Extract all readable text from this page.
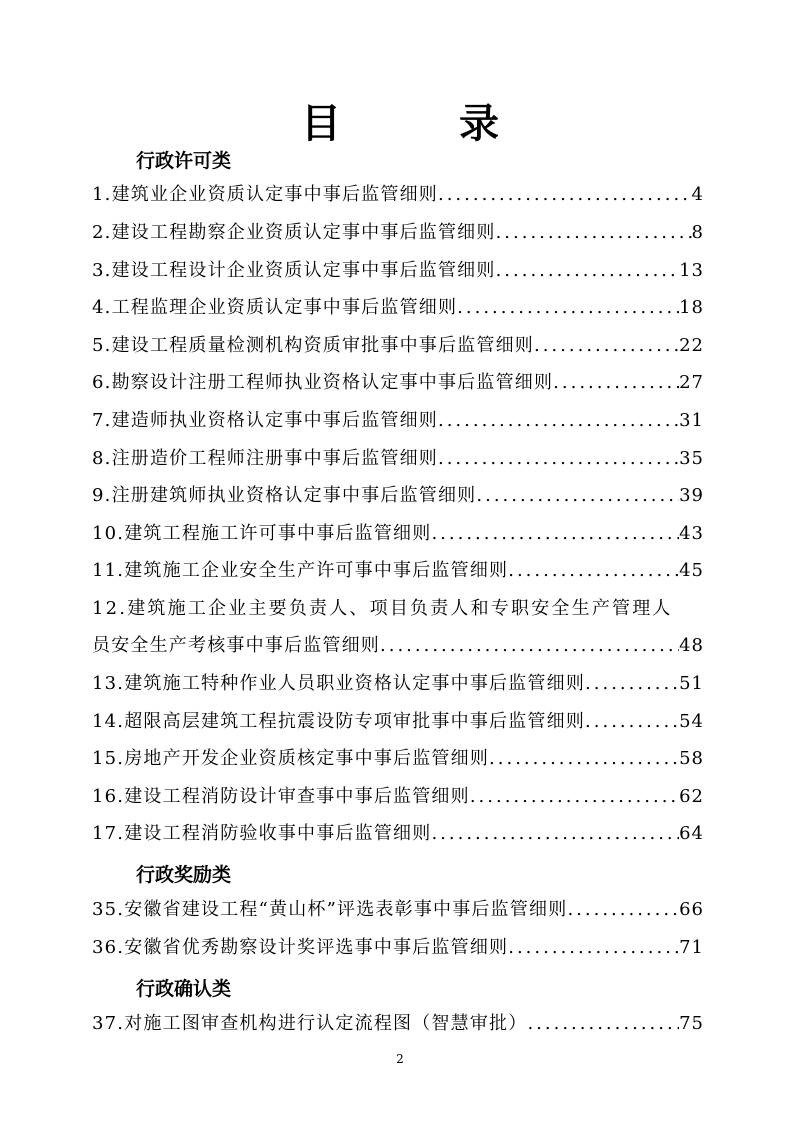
目 录
行政许可类
1.建筑业企业资质认定事中事后监管细则 .....	4
2.建设工程勘察企业资质认定事中事后监管细则 .....	8
3.建设工程设计企业资质认定事中事后监管细则 .....	13
4.工程监理企业资质认定事中事后监管细则 .....	18
5.建设工程质量检测机构资质审批事中事后监管细则 .....	22
6.勘察设计注册工程师执业资格认定事中事后监管细则 .....	27
7.建造师执业资格认定事中事后监管细则 .....	31
8.注册造价工程师注册事中事后监管细则 .....	35
9.注册建筑师执业资格认定事中事后监管细则 .....	39
10.建筑工程施工许可事中事后监管细则 .....	43
11.建筑施工企业安全生产许可事中事后监管细则 .....	45
12.建筑施工企业主要负责人、项目负责人和专职安全生产管理人
员安全生产考核事中事后监管细则 .....	48
13.建筑施工特种作业人员职业资格认定事中事后监管细则 .....	51
14.超限高层建筑工程抗震设防专项审批事中事后监管细则 .....	54
15.房地产开发企业资质核定事中事后监管细则 .....	58
16.建设工程消防设计审查事中事后监管细则 .....	62
17.建设工程消防验收事中事后监管细则 .....	64
行政奖励类
35.安徽省建设工程“黄山杯”评选表彰事中事后监管细则 .....	66
36.安徽省优秀勘察设计奖评选事中事后监管细则 .....	71
行政确认类
37.对施工图审查机构进行认定流程图（智慧审批） .....	75
2
